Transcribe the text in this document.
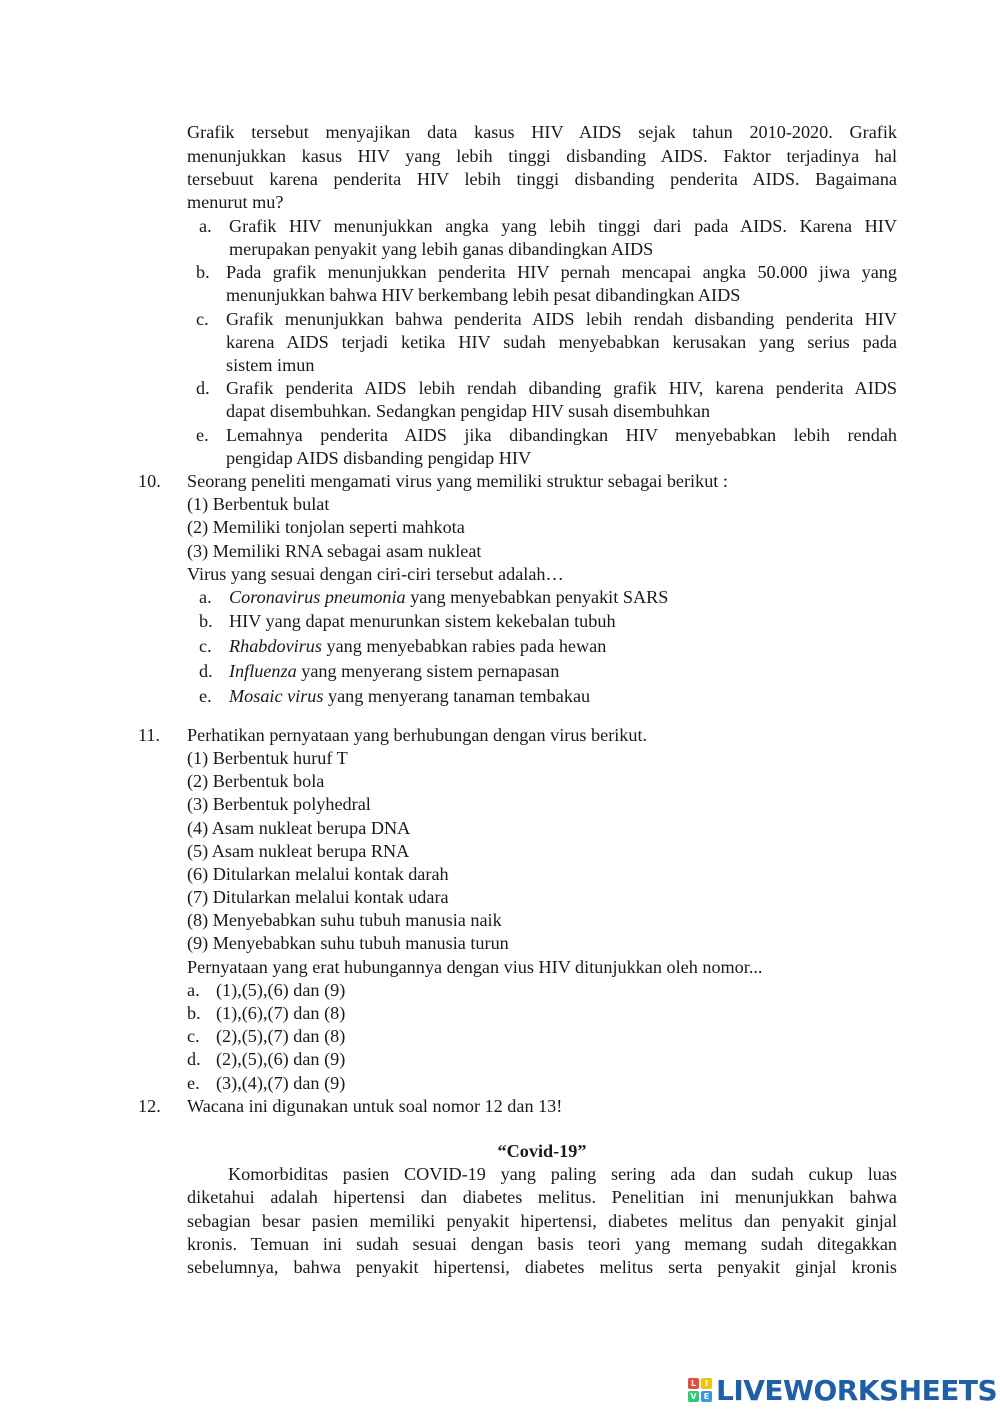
Grafik tersebut menyajikan data kasus HIV AIDS sejak tahun 2010-2020. Grafik
menunjukkan kasus HIV yang lebih tinggi disbanding AIDS. Faktor terjadinya hal
tersebuut karena penderita HIV lebih tinggi disbanding penderita AIDS. Bagaimana
menurut mu?
a. Grafik HIV menunjukkan angka yang lebih tinggi dari pada AIDS. Karena HIV
merupakan penyakit yang lebih ganas dibandingkan AIDS
b. Pada grafik menunjukkan penderita HIV pernah mencapai angka 50.000 jiwa yang
menunjukkan bahwa HIV berkembang lebih pesat dibandingkan AIDS
c. Grafik menunjukkan bahwa penderita AIDS lebih rendah disbanding penderita HIV
karena AIDS terjadi ketika HIV sudah menyebabkan kerusakan yang serius pada
sistem imun
d. Grafik penderita AIDS lebih rendah dibanding grafik HIV, karena penderita AIDS
dapat disembuhkan. Sedangkan pengidap HIV susah disembuhkan
e. Lemahnya penderita AIDS jika dibandingkan HIV menyebabkan lebih rendah
pengidap AIDS disbanding pengidap HIV
10. Seorang peneliti mengamati virus yang memiliki struktur sebagai berikut :
(1) Berbentuk bulat
(2) Memiliki tonjolan seperti mahkota
(3) Memiliki RNA sebagai asam nukleat
Virus yang sesuai dengan ciri-ciri tersebut adalah…
a. Coronavirus pneumonia yang menyebabkan penyakit SARS
b. HIV yang dapat menurunkan sistem kekebalan tubuh
c. Rhabdovirus yang menyebabkan rabies pada hewan
d. Influenza yang menyerang sistem pernapasan
e. Mosaic virus yang menyerang tanaman tembakau
11. Perhatikan pernyataan yang berhubungan dengan virus berikut.
(1) Berbentuk huruf T
(2) Berbentuk bola
(3) Berbentuk polyhedral
(4) Asam nukleat berupa DNA
(5) Asam nukleat berupa RNA
(6) Ditularkan melalui kontak darah
(7) Ditularkan melalui kontak udara
(8) Menyebabkan suhu tubuh manusia naik
(9) Menyebabkan suhu tubuh manusia turun
Pernyataan yang erat hubungannya dengan vius HIV ditunjukkan oleh nomor...
a. (1),(5),(6) dan (9)
b. (1),(6),(7) dan (8)
c. (2),(5),(7) dan (8)
d. (2),(5),(6) dan (9)
e. (3),(4),(7) dan (9)
12. Wacana ini digunakan untuk soal nomor 12 dan 13!
“Covid-19”
Komorbiditas pasien COVID-19 yang paling sering ada dan sudah cukup luas
diketahui adalah hipertensi dan diabetes melitus. Penelitian ini menunjukkan bahwa
sebagian besar pasien memiliki penyakit hipertensi, diabetes melitus dan penyakit ginjal
kronis. Temuan ini sudah sesuai dengan basis teori yang memang sudah ditegakkan
sebelumnya, bahwa penyakit hipertensi, diabetes melitus serta penyakit ginjal kronis
L	I
V E LIVEWORKSHEETS
